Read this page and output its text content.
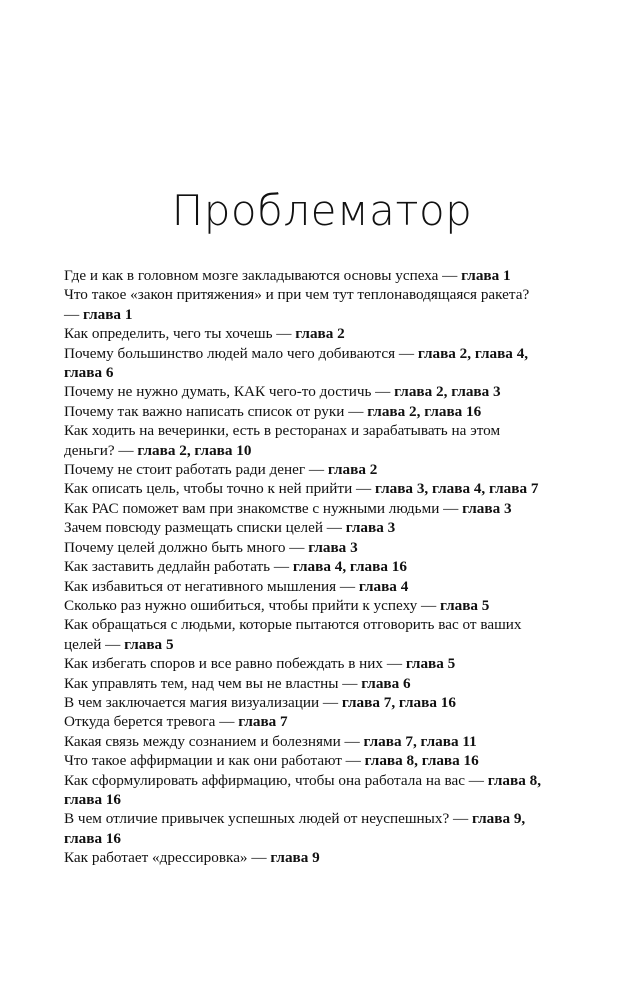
Проблематор
Где и как в головном мозге закладываются основы успеха — глава 1
Что такое «закон притяжения» и при чем тут теплонаводящаяся ракета? — глава 1
Как определить, чего ты хочешь — глава 2
Почему большинство людей мало чего добиваются — глава 2, глава 4, глава 6
Почему не нужно думать, КАК чего-то достичь — глава 2, глава 3
Почему так важно написать список от руки — глава 2, глава 16
Как ходить на вечеринки, есть в ресторанах и зарабатывать на этом деньги? — глава 2, глава 10
Почему не стоит работать ради денег — глава 2
Как описать цель, чтобы точно к ней прийти — глава 3, глава 4, глава 7
Как РАС поможет вам при знакомстве с нужными людьми — глава 3
Зачем повсюду размещать списки целей — глава 3
Почему целей должно быть много — глава 3
Как заставить дедлайн работать — глава 4, глава 16
Как избавиться от негативного мышления — глава 4
Сколько раз нужно ошибиться, чтобы прийти к успеху — глава 5
Как обращаться с людьми, которые пытаются отговорить вас от ваших целей — глава 5
Как избегать споров и все равно побеждать в них — глава 5
Как управлять тем, над чем вы не властны — глава 6
В чем заключается магия визуализации — глава 7, глава 16
Откуда берется тревога — глава 7
Какая связь между сознанием и болезнями — глава 7, глава 11
Что такое аффирмации и как они работают — глава 8, глава 16
Как сформулировать аффирмацию, чтобы она работала на вас — глава 8, глава 16
В чем отличие привычек успешных людей от неуспешных? — глава 9, глава 16
Как работает «дрессировка» — глава 9
